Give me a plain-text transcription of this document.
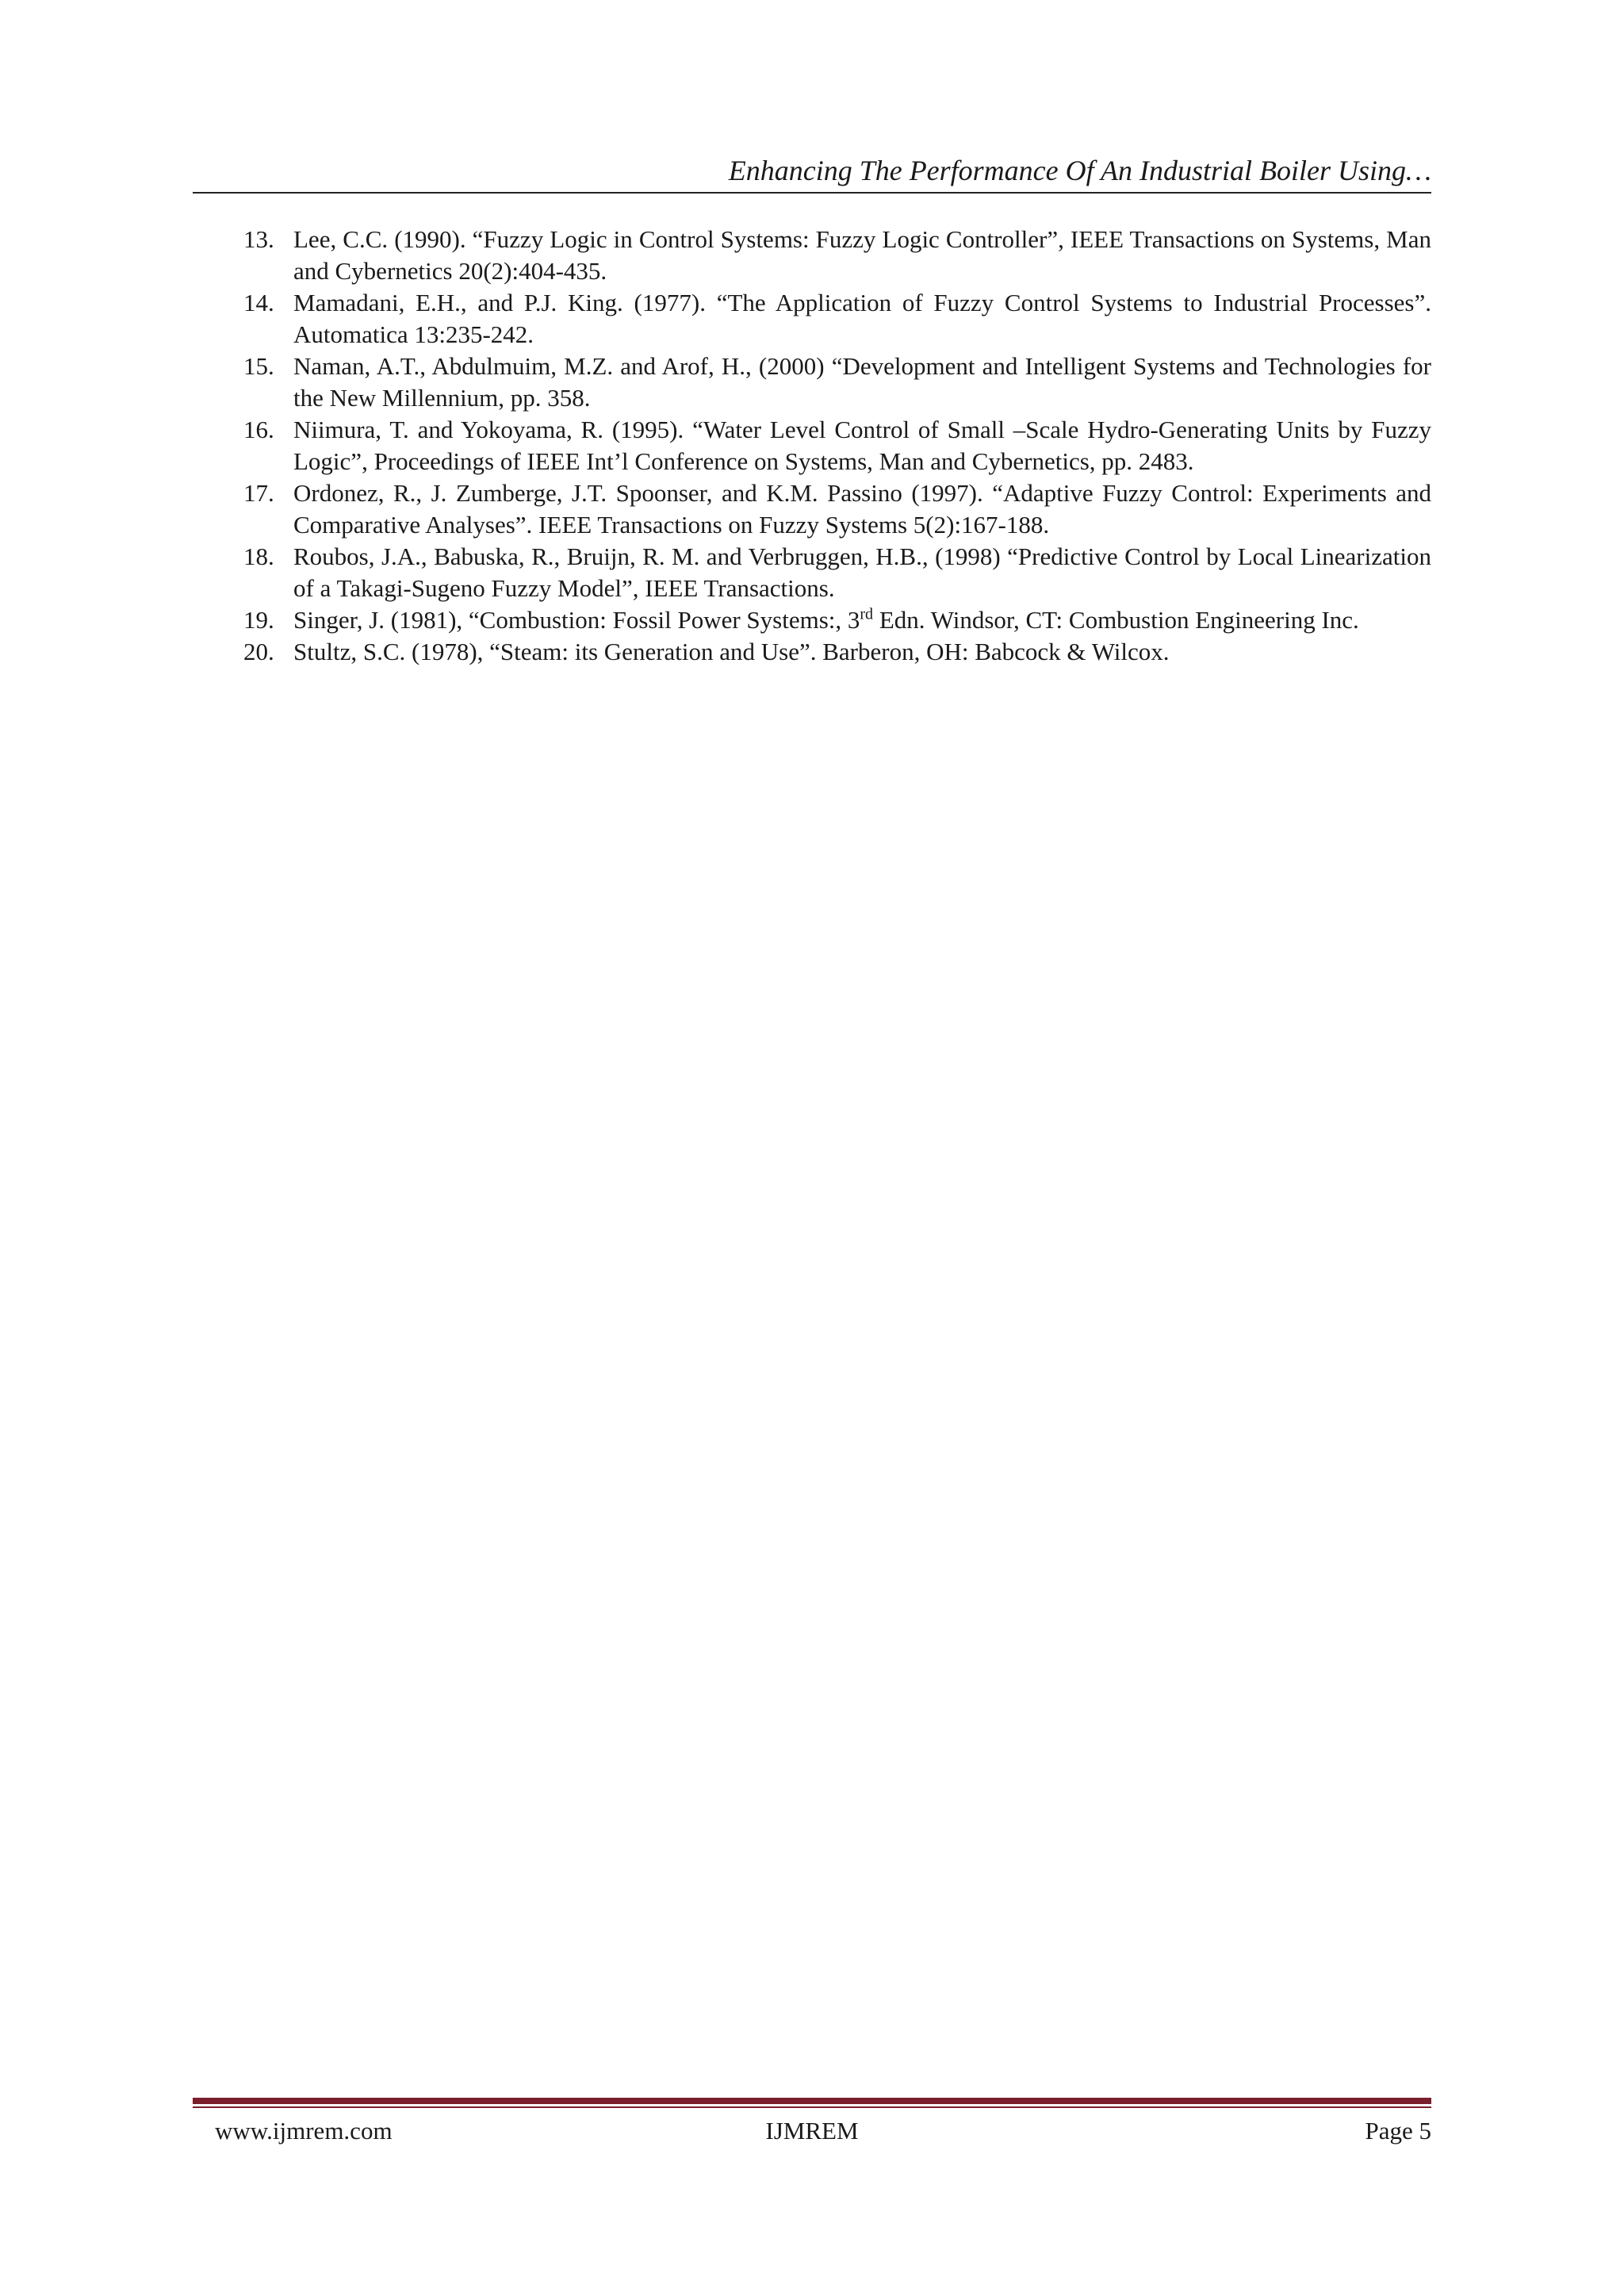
Enhancing The Performance Of An Industrial Boiler Using…
13. Lee, C.C. (1990). “Fuzzy Logic in Control Systems: Fuzzy Logic Controller”, IEEE Transactions on Systems, Man and Cybernetics 20(2):404-435.
14. Mamadani, E.H., and P.J. King. (1977). “The Application of Fuzzy Control Systems to Industrial Processes”. Automatica 13:235-242.
15. Naman, A.T., Abdulmuim, M.Z. and Arof, H., (2000) “Development and Intelligent Systems and Technologies for the New Millennium, pp. 358.
16. Niimura, T. and Yokoyama, R. (1995). “Water Level Control of Small –Scale Hydro-Generating Units by Fuzzy Logic”, Proceedings of IEEE Int’l Conference on Systems, Man and Cybernetics, pp. 2483.
17. Ordonez, R., J. Zumberge, J.T. Spoonser, and K.M. Passino (1997). “Adaptive Fuzzy Control: Experiments and Comparative Analyses”. IEEE Transactions on Fuzzy Systems 5(2):167-188.
18. Roubos, J.A., Babuska, R., Bruijn, R. M. and Verbruggen, H.B., (1998) “Predictive Control by Local Linearization of a Takagi-Sugeno Fuzzy Model”, IEEE Transactions.
19. Singer, J. (1981), “Combustion: Fossil Power Systems:, 3rd Edn. Windsor, CT: Combustion Engineering Inc.
20. Stultz, S.C. (1978), “Steam: its Generation and Use”. Barberon, OH: Babcock & Wilcox.
www.ijmrem.com	IJMREM	Page 5
